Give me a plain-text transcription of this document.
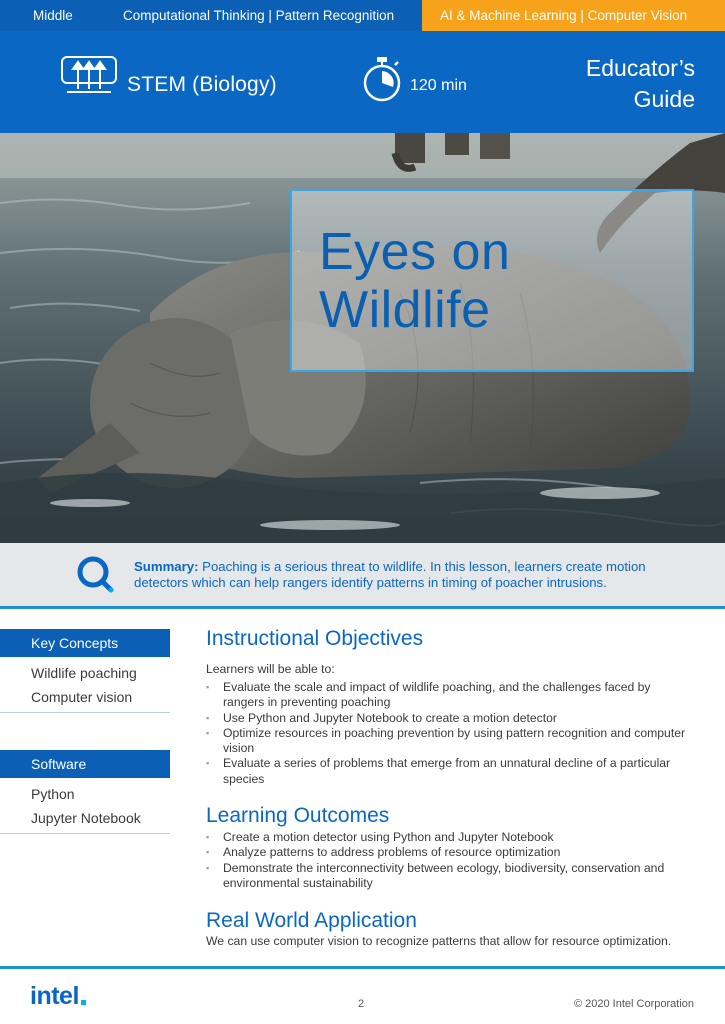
Middle	Computational Thinking | Pattern Recognition	AI & Machine Learning | Computer Vision
STEM (Biology)	120 min
Educator’s
Guide
Eyes on
Wildlife
Summary: Poaching is a serious threat to wildlife. In this lesson, learners create motion detectors which can help rangers identify patterns in timing of poacher intrusions.
Key Concepts
Wildlife poaching
Computer vision
Software
Python
Jupyter Notebook
Instructional Objectives
Learners will be able to:
▪ Evaluate the scale and impact of wildlife poaching, and the challenges faced by rangers in preventing poaching
▪ Use Python and Jupyter Notebook to create a motion detector
▪ Optimize resources in poaching prevention by using pattern recognition and computer vision
▪ Evaluate a series of problems that emerge from an unnatural decline of a particular species
Learning Outcomes
▪ Create a motion detector using Python and Jupyter Notebook
▪ Analyze patterns to address problems of resource optimization
▪ Demonstrate the interconnectivity between ecology, biodiversity, conservation and environmental sustainability
Real World Application
We can use computer vision to recognize patterns that allow for resource optimization.
intel	2	© 2020 Intel Corporation
